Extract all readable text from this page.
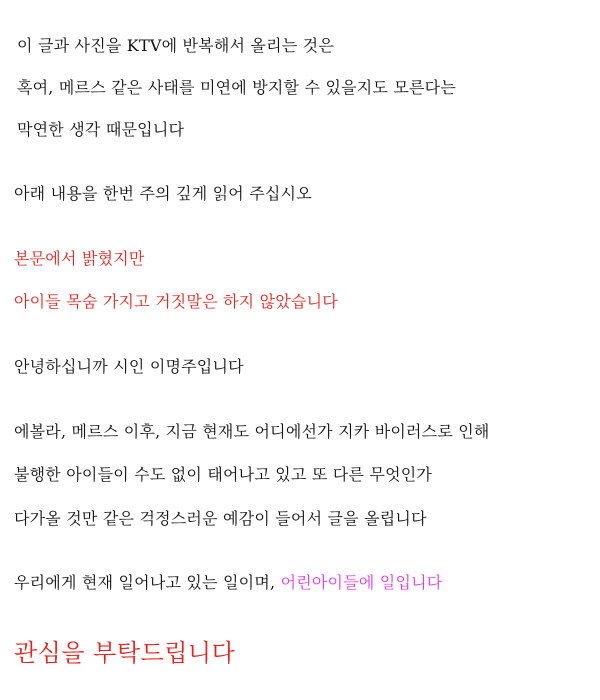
이 글과 사진을 KTV에 반복해서 올리는 것은
혹여, 메르스 같은 사태를 미연에 방지할 수 있을지도 모른다는
막연한 생각 때문입니다
아래 내용을 한번 주의 깊게 읽어 주십시오
본문에서 밝혔지만
아이들 목숨 가지고 거짓말은 하지 않았습니다
안녕하십니까 시인 이명주입니다
에볼라, 메르스 이후, 지금 현재도 어디에선가 지카 바이러스로 인해
불행한 아이들이 수도 없이 태어나고 있고 또 다른 무엇인가
다가올 것만 같은 걱정스러운 예감이 들어서 글을 올립니다
우리에게 현재 일어나고 있는 일이며, 어린아이들에 일입니다
관심을 부탁드립니다
